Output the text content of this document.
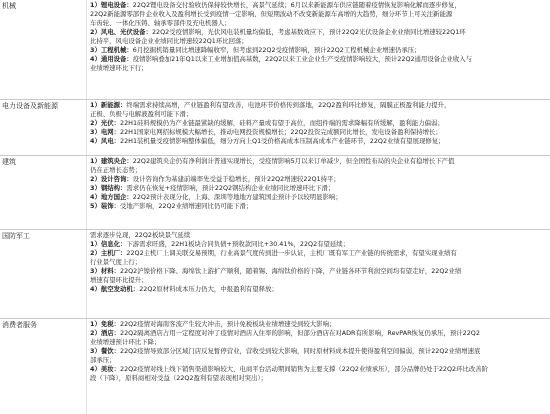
机械	1）锂电设备：22Q2锂电设备交付验收仍保持较快增长，高景气延续；6月以来新能源车供应链随着疫情恢复影响化解而逐步修复，
22Q2新能源零部件企业收入及盈利增长受到疫情一定影响，但短期波动不改变新能源车高增的大趋势，细分环节上可关注新能源
车齿轮、一体化压铸、轴承零部件及充电机器人；
2）风电、光伏设备：22Q2受疫情影响，光伏风电装机量均偏低，考虑基数效应下，预计22Q2光伏设备企业业绩同比增速较22Q1环
比持平，风电设备企业业绩同比增速较22Q1环比回落；
3）工程机械：6月挖掘机销量同比增速降幅收窄，但考虑到22Q2受疫情影响，预计22Q2工程机械企业增速仍承压；
4）通用设备：疫情影响叠加21年Q1以来工业增加值高基数，22Q2以来工业企业生产受疫情影响较大，预计22Q2通用设备企业收入与
业绩增速环比下行；
电力设备及新能源	1）新能源：终端需求持续高增，产业链盈利有望改善，电池环节价格传到落地，22Q2盈利环比修复，隔膜正极盈利能力提升，
正极、负极与电解液盈利可能下滑；
2）光伏：22H1硅料规模仍为产业链最紧缺的缓解，硅料产量或有望于高位，而组件端的需求降幅有所缓解，盈利能力偏弱；
3）电网：22H1国家电网招标规模大幅增长，推动电网投资规模增长；22Q2投资完成额同比增长，发电设备盈利保持增长；
4）风电：22H1装机量受疫情影响整体偏低，细分方向上Q1受价格高成本压制高成本产业链环节，22Q2业绩有望展现修复；
建筑	1）建筑央企：22Q2建筑央企仍有净利润计普通实现增长，受疫情影响5月以来订单减少，但全国性布局的央企业有稳增长下产值
仍在正增长态势；
2）设计咨询：设计咨询作为基建前端率先受益于稳增长，预计22Q2增速较22Q1持平；
3）钢结构：需求仍在恢复+疫情影响，预计22Q2钢结构企业业绩同比增速环比下滑；
4）地方国企：22Q2预计表现分化，上海、深圳等地地方建筑国企预计予以较明显影响；
5）装饰：受地产影响，22Q2业绩增速同比仍可能下滑；
国防军工	需求逐步兑现，22Q2板块景气延续
1）信息化：下游需求旺盛，22H1板块合同负债+预收款同比+30.41%，22Q2有望延续；
2）主机厂：22Q2主机厂上调关联交易预期，行业高景气度传到进一步认证，主机厂既有军工产业链的传统需求，有望实现业绩有
行业景气度上行；
3）材料：22Q2沪镍价格下降、海绵钛上游扩产顺利，随着锡、海绵钛价格的下降，产业链各环节利润空间均有望走好，22Q2业绩
增速有望环比提升；
4）航空发动机：22Q2原材料成本压力仍大，中报盈利有望释放；
消费者服务	1）免税：22Q2疫情对海南客流产生较大冲击，预计免税板块业绩增速受到较大影响；
2）酒店：22Q2隔离酒店占用一定程度对冲了疫情对酒店入住率的影响，但部分酒店在对ADR有所影响，RevPAR恢复仍承压，预计22Q2
业绩增速预计环比下降；
3）餐饮：22Q2疫情导致部分区域门店反复暂停营业，营收受到较大影响，同时原材料成本提升使得盈利空间偏弱，预计22Q2业绩增速底
部承压；
4）美妆：22Q2疫情对线上线下销售渠道影响较大，电商平台活动期间销售为主要支撑（22Q2业绩承压），部分品牌仍处于22Q2环比改善阶
段（下降），原料商相对受益（22Q2盈利有望表现相对突出）；
